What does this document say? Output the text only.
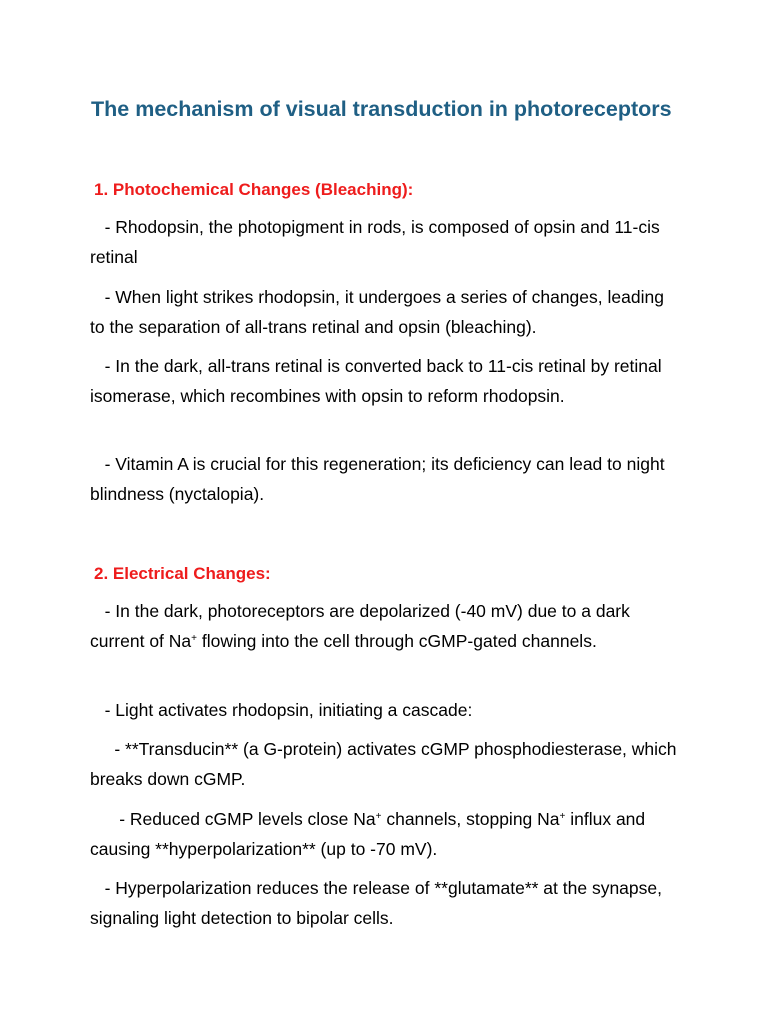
The mechanism of visual transduction in photoreceptors

1. Photochemical Changes (Bleaching):

- Rhodopsin, the photopigment in rods, is composed of opsin and 11-cis retinal

- When light strikes rhodopsin, it undergoes a series of changes, leading to the separation of all-trans retinal and opsin (bleaching).

- In the dark, all-trans retinal is converted back to 11-cis retinal by retinal isomerase, which recombines with opsin to reform rhodopsin.

- Vitamin A is crucial for this regeneration; its deficiency can lead to night blindness (nyctalopia).

2. Electrical Changes:

- In the dark, photoreceptors are depolarized (-40 mV) due to a dark current of Na+ flowing into the cell through cGMP-gated channels.

- Light activates rhodopsin, initiating a cascade:

- **Transducin** (a G-protein) activates cGMP phosphodiesterase, which breaks down cGMP.

- Reduced cGMP levels close Na+ channels, stopping Na+ influx and causing **hyperpolarization** (up to -70 mV).

- Hyperpolarization reduces the release of **glutamate** at the synapse, signaling light detection to bipolar cells.
